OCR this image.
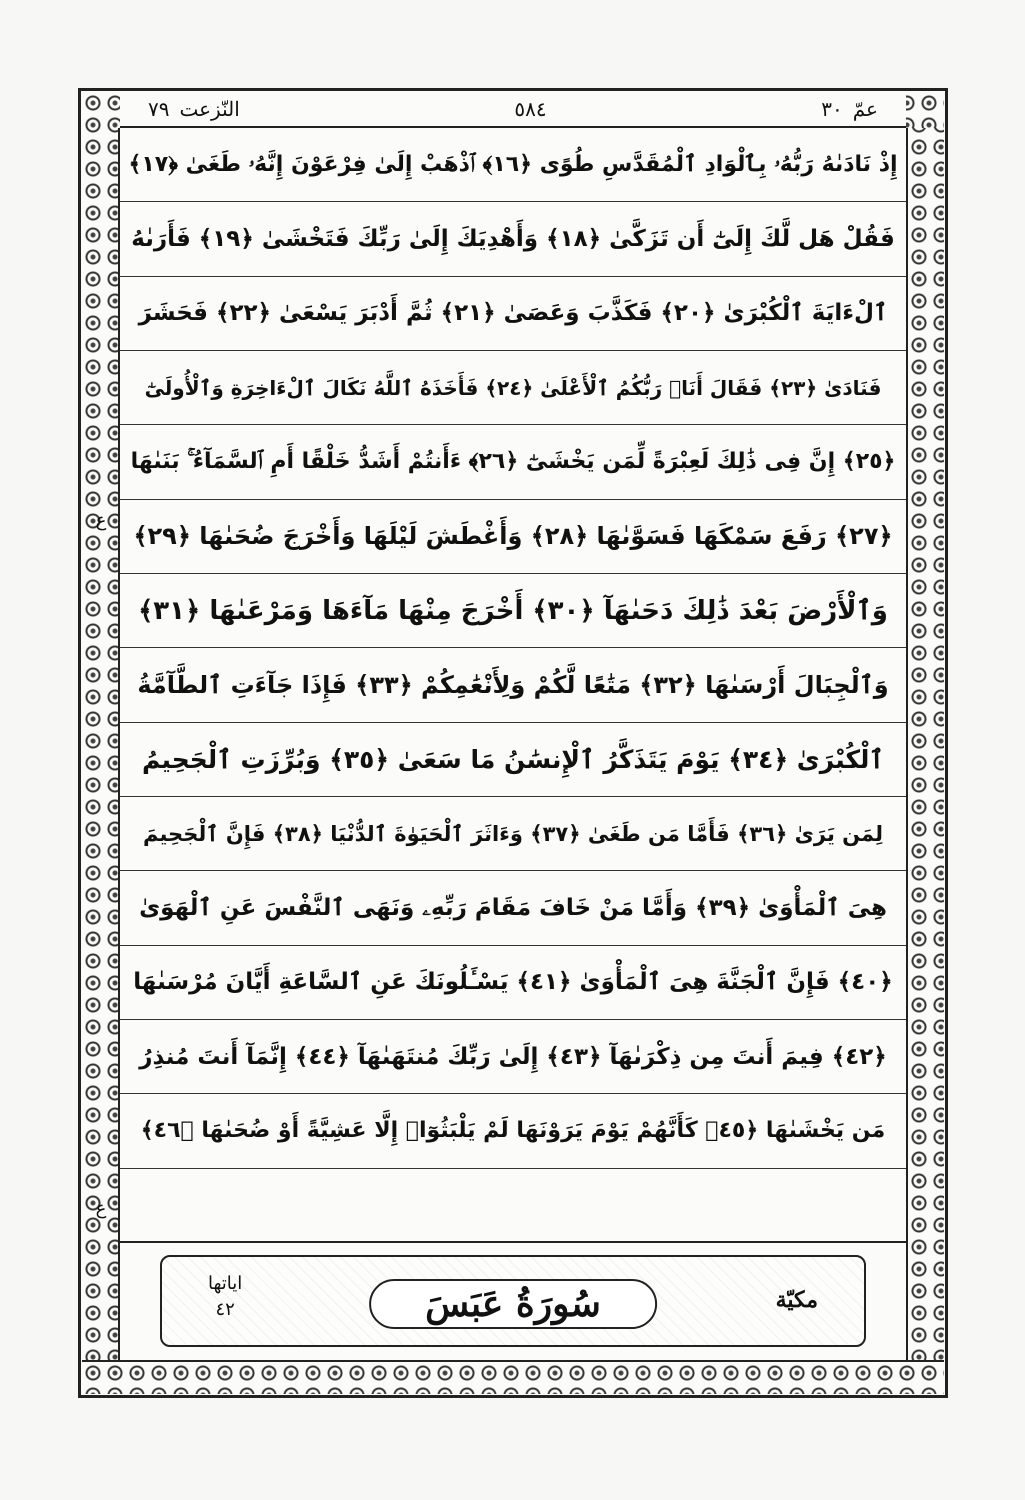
٧٩ النّزعت	٥٨٤	٣٠ عمّ
إِذْ نَادَىٰهُ رَبُّهُۥ بِٱلْوَادِ ٱلْمُقَدَّسِ طُوًى ﴿١٦﴾ ٱذْهَبْ إِلَىٰ فِرْعَوْنَ إِنَّهُۥ طَغَىٰ ﴿١٧﴾
فَقُلْ هَل لَّكَ إِلَىٰٓ أَن تَزَكَّىٰ ﴿١٨﴾ وَأَهْدِيَكَ إِلَىٰ رَبِّكَ فَتَخْشَىٰ ﴿١٩﴾ فَأَرَىٰهُ
ٱلْءَايَةَ ٱلْكُبْرَىٰ ﴿٢٠﴾ فَكَذَّبَ وَعَصَىٰ ﴿٢١﴾ ثُمَّ أَدْبَرَ يَسْعَىٰ ﴿٢٢﴾ فَحَشَرَ
فَنَادَىٰ ﴿٢٣﴾ فَقَالَ أَنَا۠ رَبُّكُمُ ٱلْأَعْلَىٰ ﴿٢٤﴾ فَأَخَذَهُ ٱللَّهُ نَكَالَ ٱلْءَاخِرَةِ وَٱلْأُولَىٰٓ
﴿٢٥﴾ إِنَّ فِى ذَٰلِكَ لَعِبْرَةً لِّمَن يَخْشَىٰٓ ﴿٢٦﴾ ءَأَنتُمْ أَشَدُّ خَلْقًا أَمِ ٱلسَّمَآءُ ۚ بَنَىٰهَا
﴿٢٧﴾ رَفَعَ سَمْكَهَا فَسَوَّىٰهَا ﴿٢٨﴾ وَأَغْطَشَ لَيْلَهَا وَأَخْرَجَ ضُحَىٰهَا ﴿٢٩﴾
وَٱلْأَرْضَ بَعْدَ ذَٰلِكَ دَحَىٰهَآ ﴿٣٠﴾ أَخْرَجَ مِنْهَا مَآءَهَا وَمَرْعَىٰهَا ﴿٣١﴾
وَٱلْجِبَالَ أَرْسَىٰهَا ﴿٣٢﴾ مَتَٰعًا لَّكُمْ وَلِأَنْعَٰمِكُمْ ﴿٣٣﴾ فَإِذَا جَآءَتِ ٱلطَّآمَّةُ
ٱلْكُبْرَىٰ ﴿٣٤﴾ يَوْمَ يَتَذَكَّرُ ٱلْإِنسَٰنُ مَا سَعَىٰ ﴿٣٥﴾ وَبُرِّزَتِ ٱلْجَحِيمُ
لِمَن يَرَىٰ ﴿٣٦﴾ فَأَمَّا مَن طَغَىٰ ﴿٣٧﴾ وَءَاثَرَ ٱلْحَيَوٰةَ ٱلدُّنْيَا ﴿٣٨﴾ فَإِنَّ ٱلْجَحِيمَ
هِىَ ٱلْمَأْوَىٰ ﴿٣٩﴾ وَأَمَّا مَنْ خَافَ مَقَامَ رَبِّهِۦ وَنَهَى ٱلنَّفْسَ عَنِ ٱلْهَوَىٰ
﴿٤٠﴾ فَإِنَّ ٱلْجَنَّةَ هِىَ ٱلْمَأْوَىٰ ﴿٤١﴾ يَسْـَٔلُونَكَ عَنِ ٱلسَّاعَةِ أَيَّانَ مُرْسَىٰهَا
﴿٤٢﴾ فِيمَ أَنتَ مِن ذِكْرَىٰهَآ ﴿٤٣﴾ إِلَىٰ رَبِّكَ مُنتَهَىٰهَآ ﴿٤٤﴾ إِنَّمَآ أَنتَ مُنذِرُ
مَن يَخْشَىٰهَا ﴿٤٥﴾ كَأَنَّهُمْ يَوْمَ يَرَوْنَهَا لَمْ يَلْبَثُوٓا۟ إِلَّا عَشِيَّةً أَوْ ضُحَىٰهَا ﴿٤٦﴾
ع
ع
مكيّة
سُورَةُ عَبَسَ
اياتها
٤٢
